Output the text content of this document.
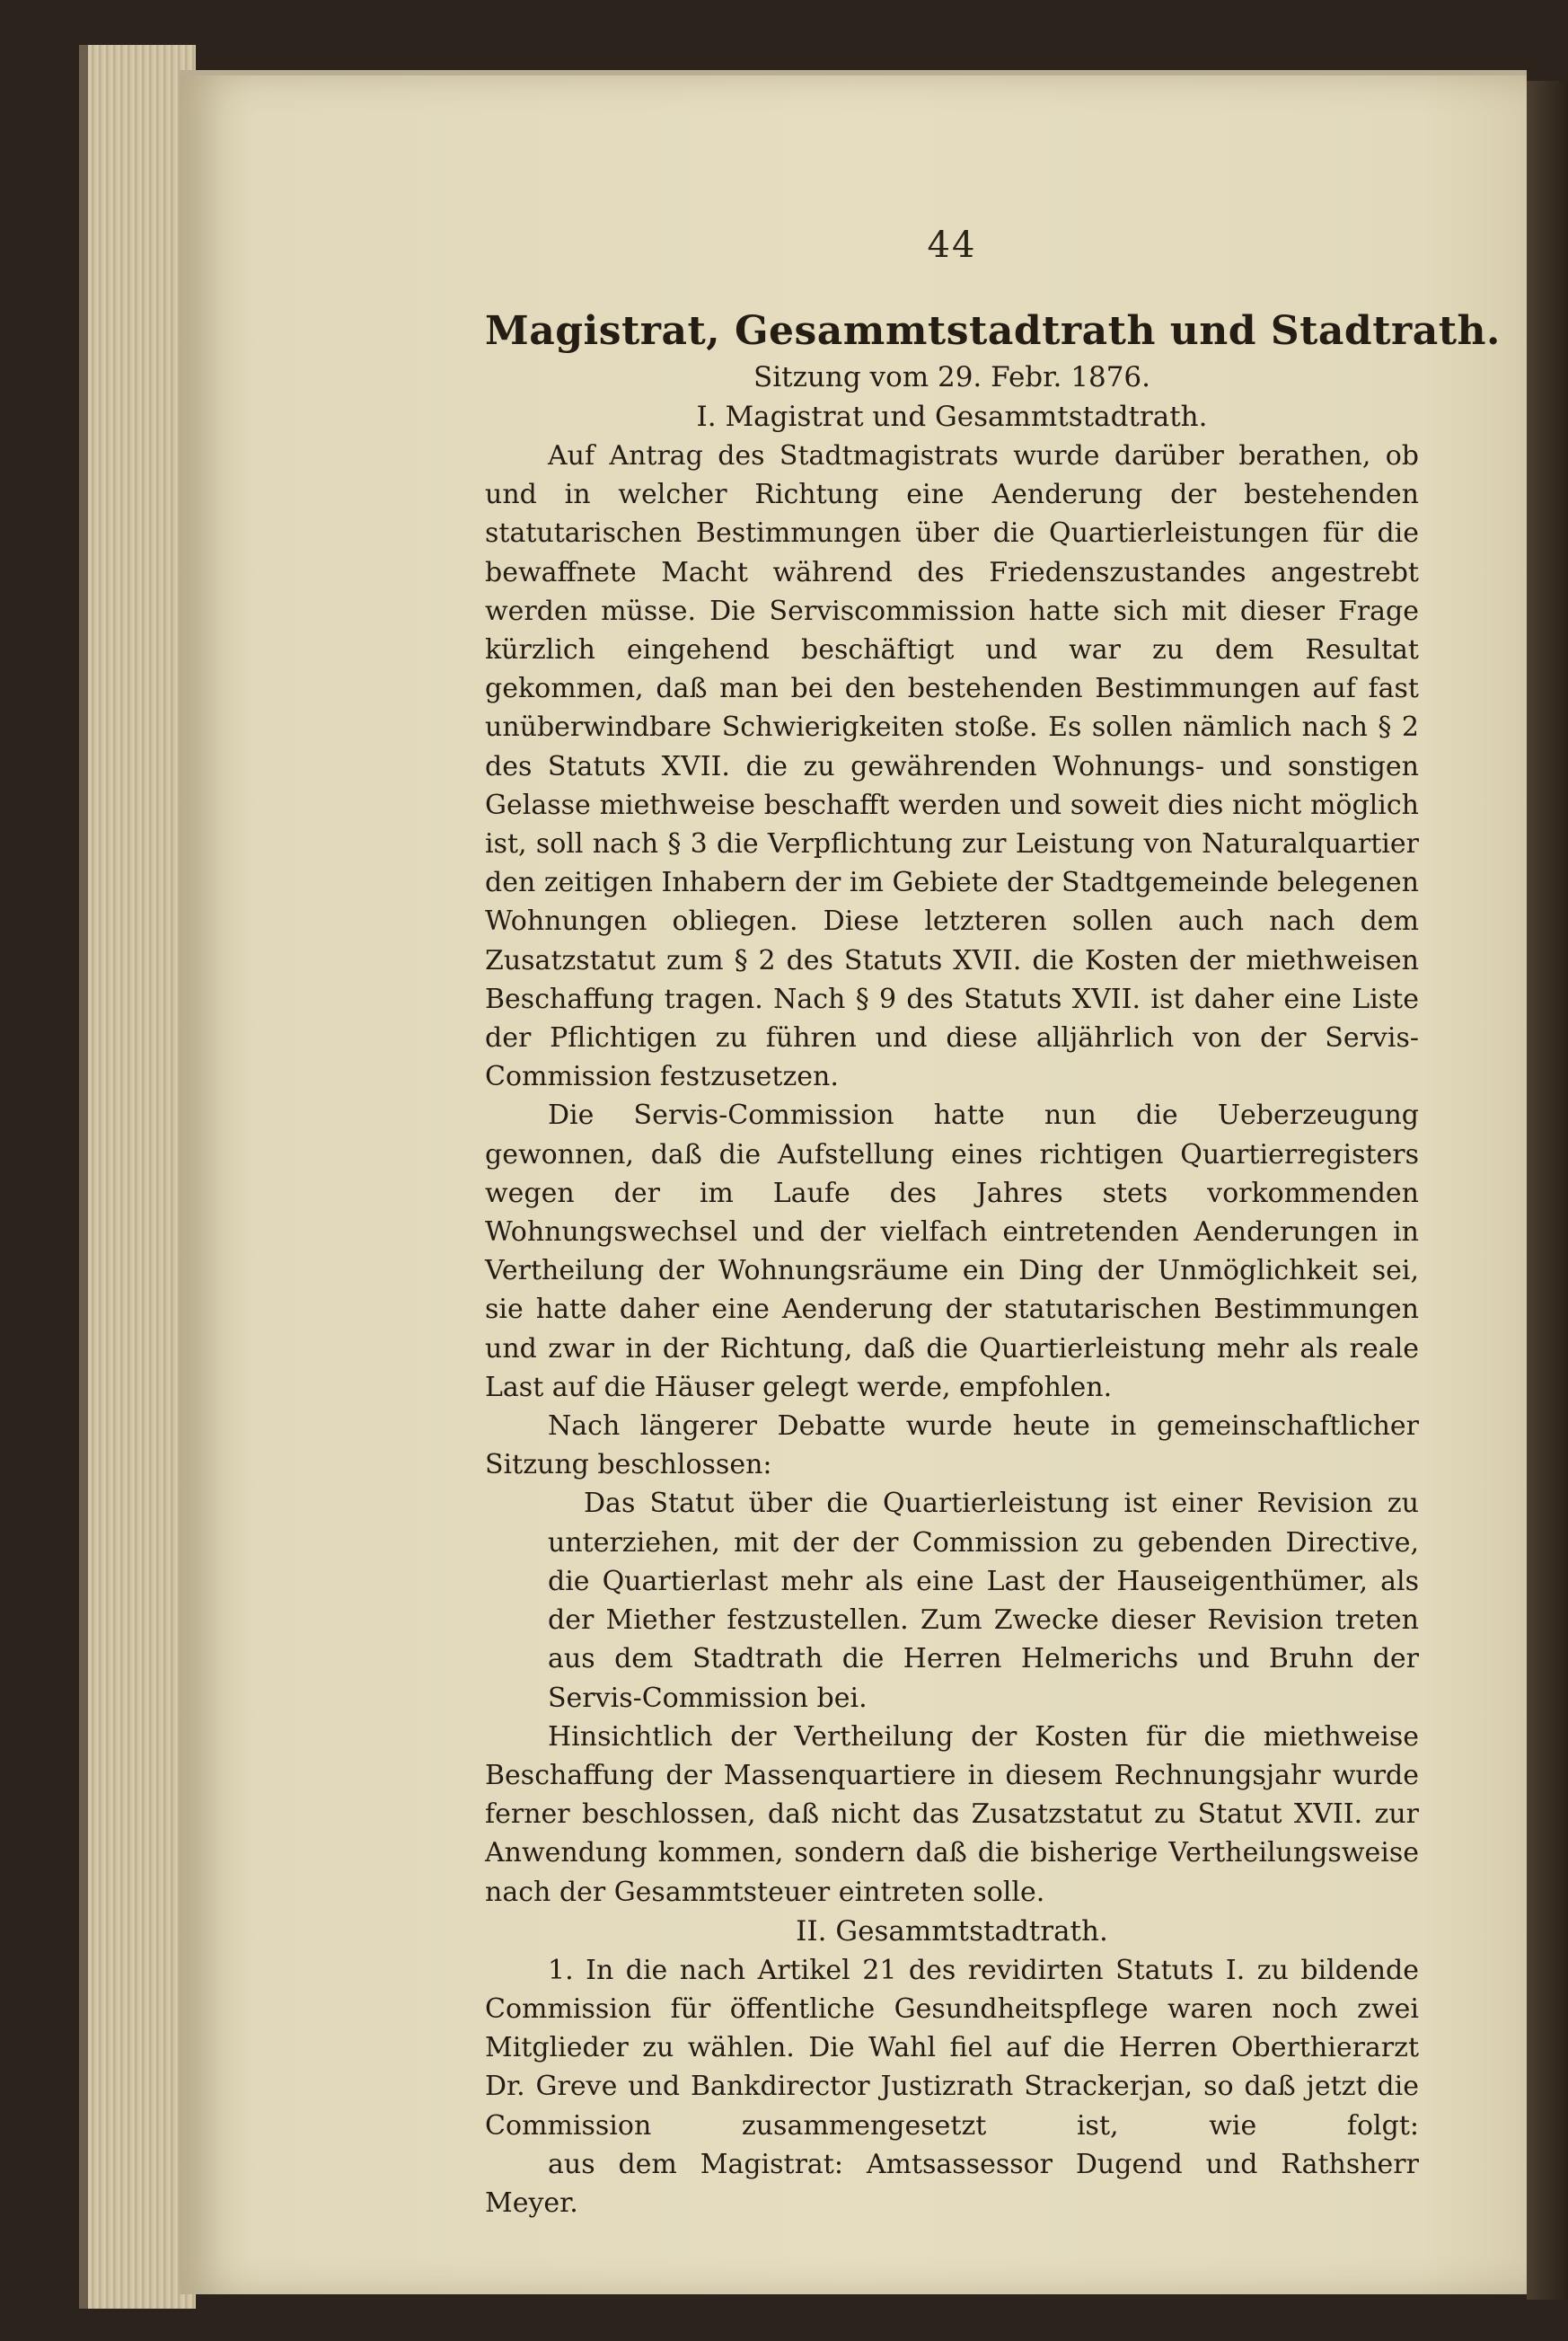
44
Magistrat, Gesammtstadtrath und Stadtrath.
Sitzung vom 29. Febr. 1876.
I. Magistrat und Gesammtstadtrath.

Auf Antrag des Stadtmagistrats wurde darüber berathen, ob und in welcher Richtung eine Aenderung der bestehenden statutarischen Bestimmungen über die Quartierleistungen für die bewaffnete Macht während des Friedenszustandes angestrebt werden müsse. Die Serviscommission hatte sich mit dieser Frage kürzlich eingehend beschäftigt und war zu dem Resultat gekommen, daß man bei den bestehenden Bestimmungen auf fast unüberwindbare Schwierigkeiten stoße. Es sollen nämlich nach § 2 des Statuts XVII. die zu gewährenden Wohnungs- und sonstigen Gelasse miethweise beschafft werden und soweit dies nicht möglich ist, soll nach § 3 die Verpflichtung zur Leistung von Naturalquartier den zeitigen Inhabern der im Gebiete der Stadtgemeinde belegenen Wohnungen obliegen. Diese letzteren sollen auch nach dem Zusatzstatut zum § 2 des Statuts XVII. die Kosten der miethweisen Beschaffung tragen. Nach § 9 des Statuts XVII. ist daher eine Liste der Pflichtigen zu führen und diese alljährlich von der Servis-Commission festzusetzen.

Die Servis-Commission hatte nun die Ueberzeugung gewonnen, daß die Aufstellung eines richtigen Quartierregisters wegen der im Laufe des Jahres stets vorkommenden Wohnungswechsel und der vielfach eintretenden Aenderungen in Vertheilung der Wohnungsräume ein Ding der Unmöglichkeit sei, sie hatte daher eine Aenderung der statutarischen Bestimmungen und zwar in der Richtung, daß die Quartierleistung mehr als reale Last auf die Häuser gelegt werde, empfohlen.

Nach längerer Debatte wurde heute in gemeinschaftlicher Sitzung beschlossen:

Das Statut über die Quartierleistung ist einer Revision zu unterziehen, mit der der Commission zu gebenden Directive, die Quartierlast mehr als eine Last der Hauseigenthümer, als der Miether festzustellen. Zum Zwecke dieser Revision treten aus dem Stadtrath die Herren Helmerichs und Bruhn der Servis-Commission bei.

Hinsichtlich der Vertheilung der Kosten für die miethweise Beschaffung der Massenquartiere in diesem Rechnungsjahr wurde ferner beschlossen, daß nicht das Zusatzstatut zu Statut XVII. zur Anwendung kommen, sondern daß die bisherige Vertheilungsweise nach der Gesammtsteuer eintreten solle.

II. Gesammtstadtrath.

1. In die nach Artikel 21 des revidirten Statuts I. zu bildende Commission für öffentliche Gesundheitspflege waren noch zwei Mitglieder zu wählen. Die Wahl fiel auf die Herren Oberthierarzt Dr. Greve und Bankdirector Justizrath Strackerjan, so daß jetzt die Commission zusammengesetzt ist, wie folgt:

aus dem Magistrat: Amtsassessor Dugend und Rathsherr Meyer.
